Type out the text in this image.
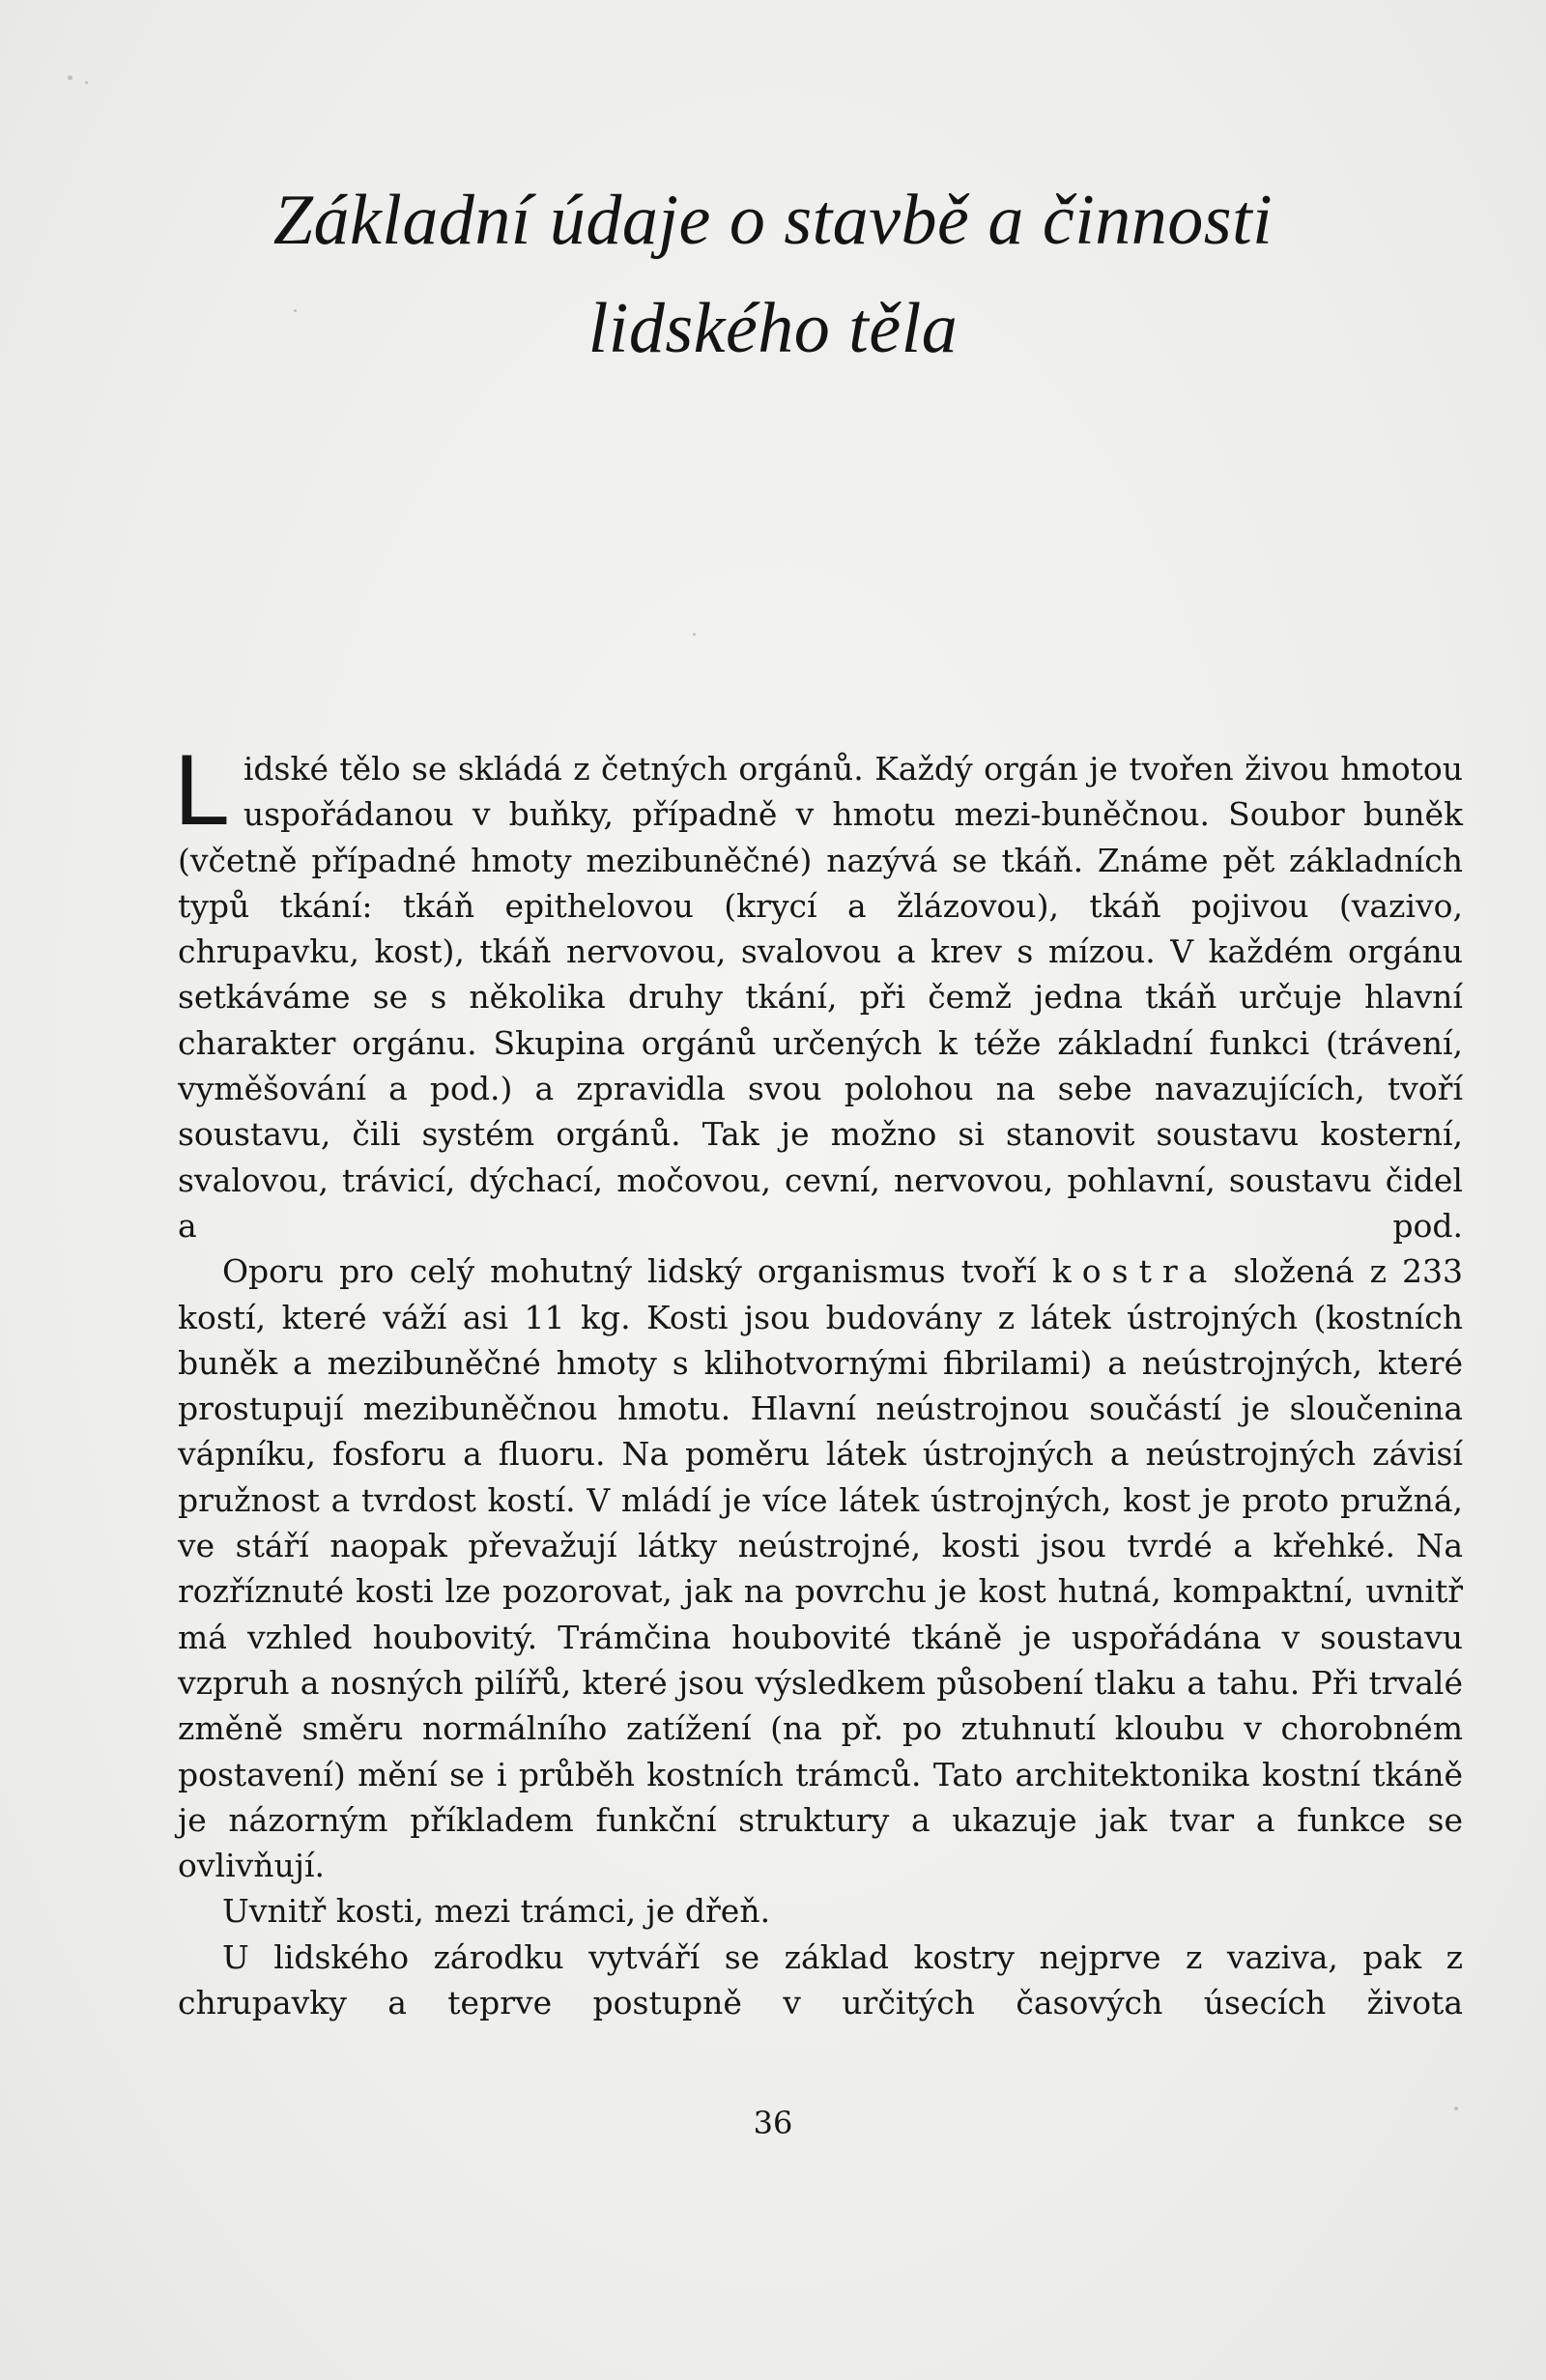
Základní údaje o stavbě a činnosti
lidského těla

Lidské tělo se skládá z četných orgánů. Každý orgán je tvořen živou hmotou uspořádanou v buňky, případně v hmotu mezi-buněčnou. Soubor buněk (včetně případné hmoty mezibuněčné) nazývá se tkáň. Známe pět základních typů tkání: tkáň epithelovou (krycí a žlázovou), tkáň pojivou (vazivo, chrupavku, kost), tkáň nervovou, svalovou a krev s mízou. V každém orgánu setkáváme se s několika druhy tkání, při čemž jedna tkáň určuje hlavní charakter orgánu. Skupina orgánů určených k téže základní funkci (trávení, vyměšování a pod.) a zpravidla svou polohou na sebe navazujících, tvoří soustavu, čili systém orgánů. Tak je možno si stanovit soustavu kosterní, svalovou, trávicí, dýchací, močovou, cevní, nervovou, pohlavní, soustavu čidel a pod.

Oporu pro celý mohutný lidský organismus tvoří kostra složená z 233 kostí, které váží asi 11 kg. Kosti jsou budovány z látek ústrojných (kostních buněk a mezibuněčné hmoty s klihotvornými fibrilami) a neústrojných, které prostupují mezibuněčnou hmotu. Hlavní neústrojnou součástí je sloučenina vápníku, fosforu a fluoru. Na poměru látek ústrojných a neústrojných závisí pružnost a tvrdost kostí. V mládí je více látek ústrojných, kost je proto pružná, ve stáří naopak převažují látky neústrojné, kosti jsou tvrdé a křehké. Na rozříznuté kosti lze pozorovat, jak na povrchu je kost hutná, kompaktní, uvnitř má vzhled houbovitý. Trámčina houbovité tkáně je uspořádána v soustavu vzpruh a nosných pilířů, které jsou výsledkem působení tlaku a tahu. Při trvalé změně směru normálního zatížení (na př. po ztuhnutí kloubu v chorobném postavení) mění se i průběh kostních trámců. Tato architektonika kostní tkáně je názorným příkladem funkční struktury a ukazuje jak tvar a funkce se ovlivňují.

Uvnitř kosti, mezi trámci, je dřeň.

U lidského zárodku vytváří se základ kostry nejprve z vaziva, pak z chrupavky a teprve postupně v určitých časových úsecích života

36
